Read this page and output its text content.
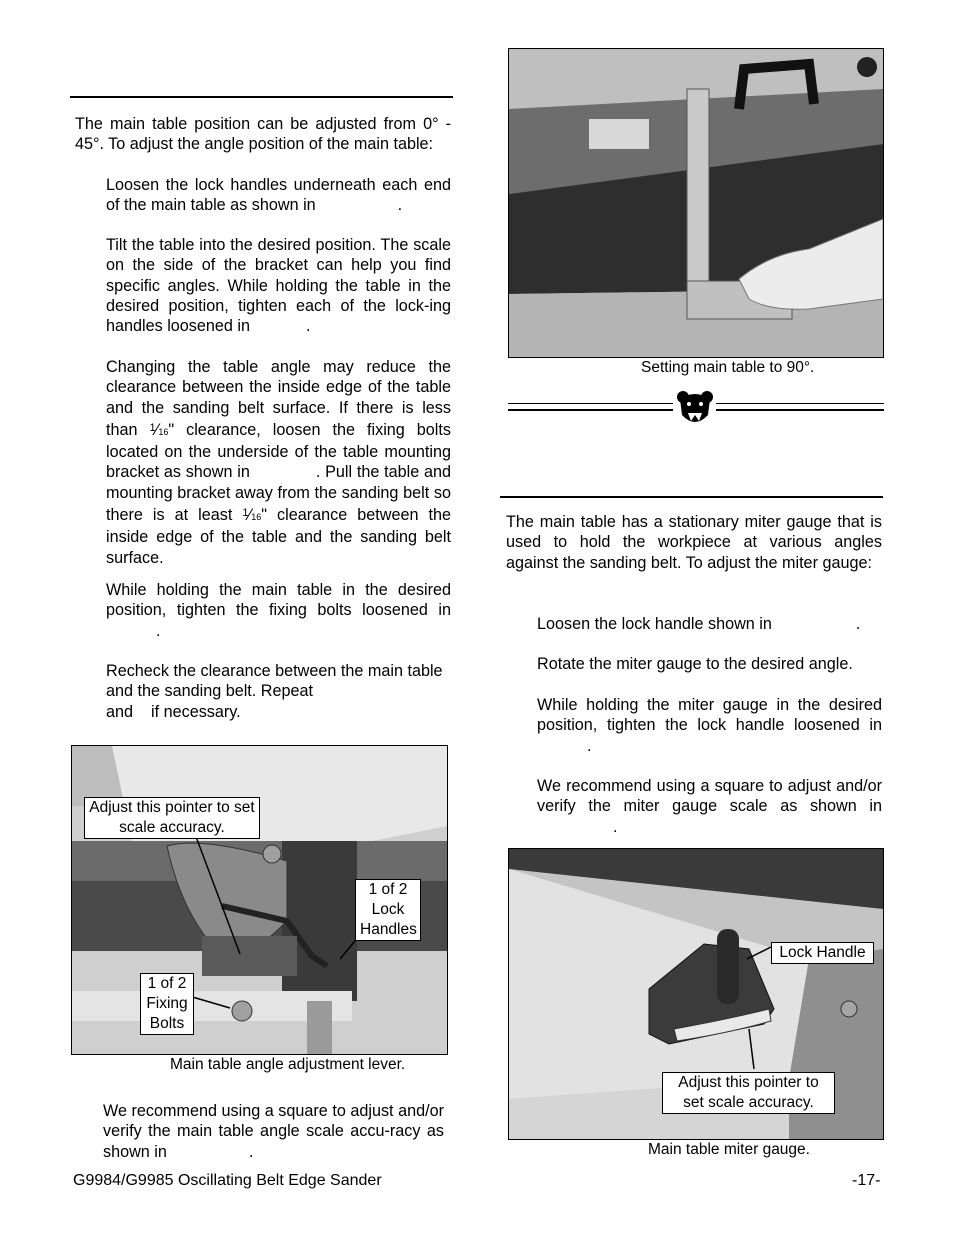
The main table position can be adjusted from 0° - 45°. To adjust the angle position of the main table:
Loosen the lock handles underneath each end of the main table as shown in	.
Tilt the table into the desired position. The scale on the side of the bracket can help you find specific angles. While holding the table in the desired position, tighten each of the lock-ing handles loosened in	.
Changing the table angle may reduce the clearance between the inside edge of the table and the sanding belt surface. If there is less than $^1$⁄16" clearance, loosen the fixing bolts located on the underside of the table mounting bracket as shown in	. Pull the table and mounting bracket away from the sanding belt so there is at least $^1$⁄16" clearance between the inside edge of the table and the sanding belt surface.
While holding the main table in the desired position, tighten the fixing bolts loosened in .
Recheck the clearance between the main table and the sanding belt. Repeat
and if necessary.
Adjust this pointer to set scale accuracy.
1 of 2 Lock Handles
1 of 2 Fixing Bolts
Main table angle adjustment lever.
We recommend using a square to adjust and/or verify the main table angle scale accu-racy as shown in	.
Setting main table to 90°.
The main table has a stationary miter gauge that is used to hold the workpiece at various angles against the sanding belt. To adjust the miter gauge:
Loosen the lock handle shown in	.
Rotate the miter gauge to the desired angle.
While holding the miter gauge in the desired position, tighten the lock handle loosened in .
We recommend using a square to adjust and/or verify the miter gauge scale as shown in .
Lock Handle
Adjust this pointer to set scale accuracy.
Main table miter gauge.
G9984/G9985 Oscillating Belt Edge Sander	-17-
